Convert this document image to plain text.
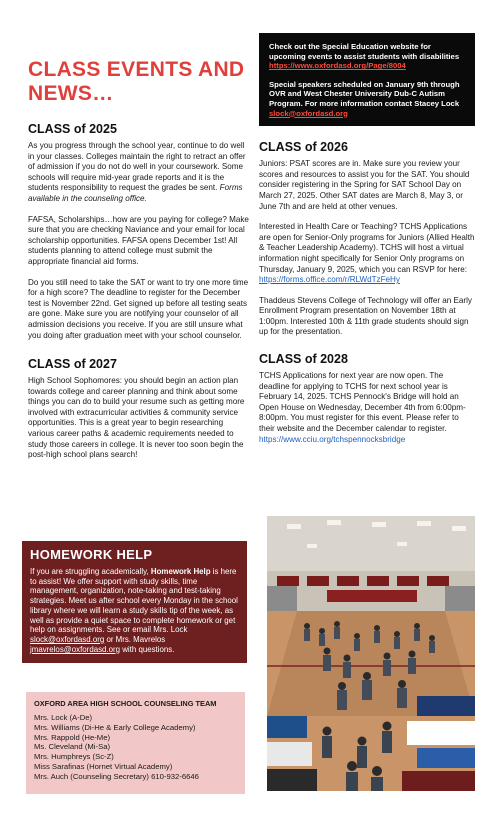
CLASS EVENTS AND NEWS…
CLASS of 2025

As you progress through the school year, continue to do well in your classes. Colleges maintain the right to retract an offer of admission if you do not do well in your coursework. Some schools will require mid-year grade reports and it is the students responsibility to request the grades be sent. Forms available in the counseling office.

FAFSA, Scholarships…how are you paying for college? Make sure that you are checking Naviance and your email for local scholarship opportunities. FAFSA opens December 1st! All students planning to attend college must submit the appropriate financial aid forms.

Do you still need to take the SAT or want to try one more time for a high score? The deadline to register for the December test is November 22nd. Get signed up before all testing seats are gone. Make sure you are notifying your counselor of all admission decisions you receive. If you are still unsure what you doing after graduation meet with your school counselor.

CLASS of 2027

High School Sophomores: you should begin an action plan towards college and career planning and think about some things you can do to build your resume such as getting more involved with extracurricular activities & community service opportunities. This is a great year to begin researching various career paths & academic requirements needed to study those careers in college. It is never too soon begin the post-high school plans search!

HOMEWORK HELP

If you are struggling academically, Homework Help is here to assist! We offer support with study skills, time management, organization, note-taking and test-taking strategies. Meet us after school every Monday in the school library where we will learn a study skills tip of the week, as well as provide a quiet space to complete homework or get help on assignments. See or email Mrs. Lock slock@oxfordasd.org or Mrs. Mavrelos jmavrelos@oxfordasd.org with questions.

OXFORD AREA HIGH SCHOOL COUNSELING TEAM
Mrs. Lock (A-De)
Mrs. Williams (Di-He & Early College Academy)
Mrs. Rappold (He-Me)
Ms. Cleveland (Mi-Sa)
Mrs. Humphreys (Sc-Z)
Miss Sarafinas (Hornet Virtual Academy)
Mrs. Auch (Counseling Secretary) 610-932-6646

Check out the Special Education website for upcoming events to assist students with disabilities
https://www.oxfordasd.org/Page/8004

Special speakers scheduled on January 9th through OVR and West Chester University Dub-C Autism Program. For more information contact Stacey Lock
slock@oxfordasd.org

CLASS of 2026

Juniors: PSAT scores are in. Make sure you review your scores and resources to assist you for the SAT. You should consider registering in the Spring for SAT School Day on March 27, 2025. Other SAT dates are March 8, May 3, or June 7th and are held at other venues.

Interested in Health Care or Teaching? TCHS Applications are open for Senior-Only programs for Juniors (Allied Health & Teacher Leadership Academy). TCHS will host a virtual information night specifically for Senior Only programs on Thursday, January 9, 2025, which you can RSVP for here: https://forms.office.com/r/RLWdTzFeHy

Thaddeus Stevens College of Technology will offer an Early Enrollment Program presentation on November 18th at 1:00pm. Interested 10th & 11th grade students should sign up for the presentation.

CLASS of 2028

TCHS Applications for next year are now open. The deadline for applying to TCHS for next school year is February 14, 2025. TCHS Pennock's Bridge will hold an Open House on Wednesday, December 4th from 6:00pm-8:00pm. You must register for this event. Please refer to their website and the December calendar to register.
https://www.cciu.org/tchspennocksbridge
